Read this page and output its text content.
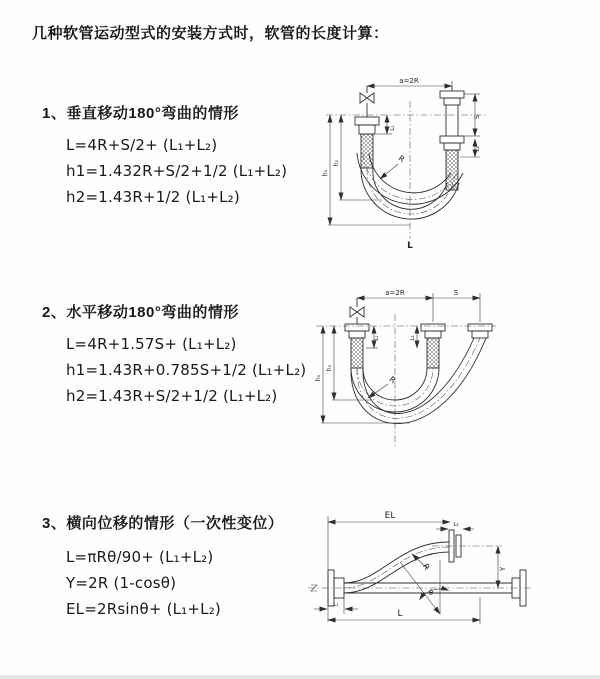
几种软管运动型式的安装方式时，软管的长度计算：
1、垂直移动180°弯曲的情形
L=4R+S/2+ (L₁+L₂)
h1=1.432R+S/2+1/2 (L₁+L₂)
h2=1.43R+1/2 (L₁+L₂)
2、水平移动180°弯曲的情形
L=4R+1.57S+ (L₁+L₂)
h1=1.43R+0.785S+1/2 (L₁+L₂)
h2=1.43R+S/2+1/2 (L₁+L₂)
3、横向位移的情形（一次性变位）
L=πRθ/90+ (L₁+L₂)
Y=2R (1-cosθ)
EL=2Rsinθ+ (L₁+L₂)
a=2R
L₁
S
L₂
h₁
h₂	R
L
a=2R	S
L₁	L₂
h₁
h₂
R
EL
L₂
Y
R
θ
L
L₁
